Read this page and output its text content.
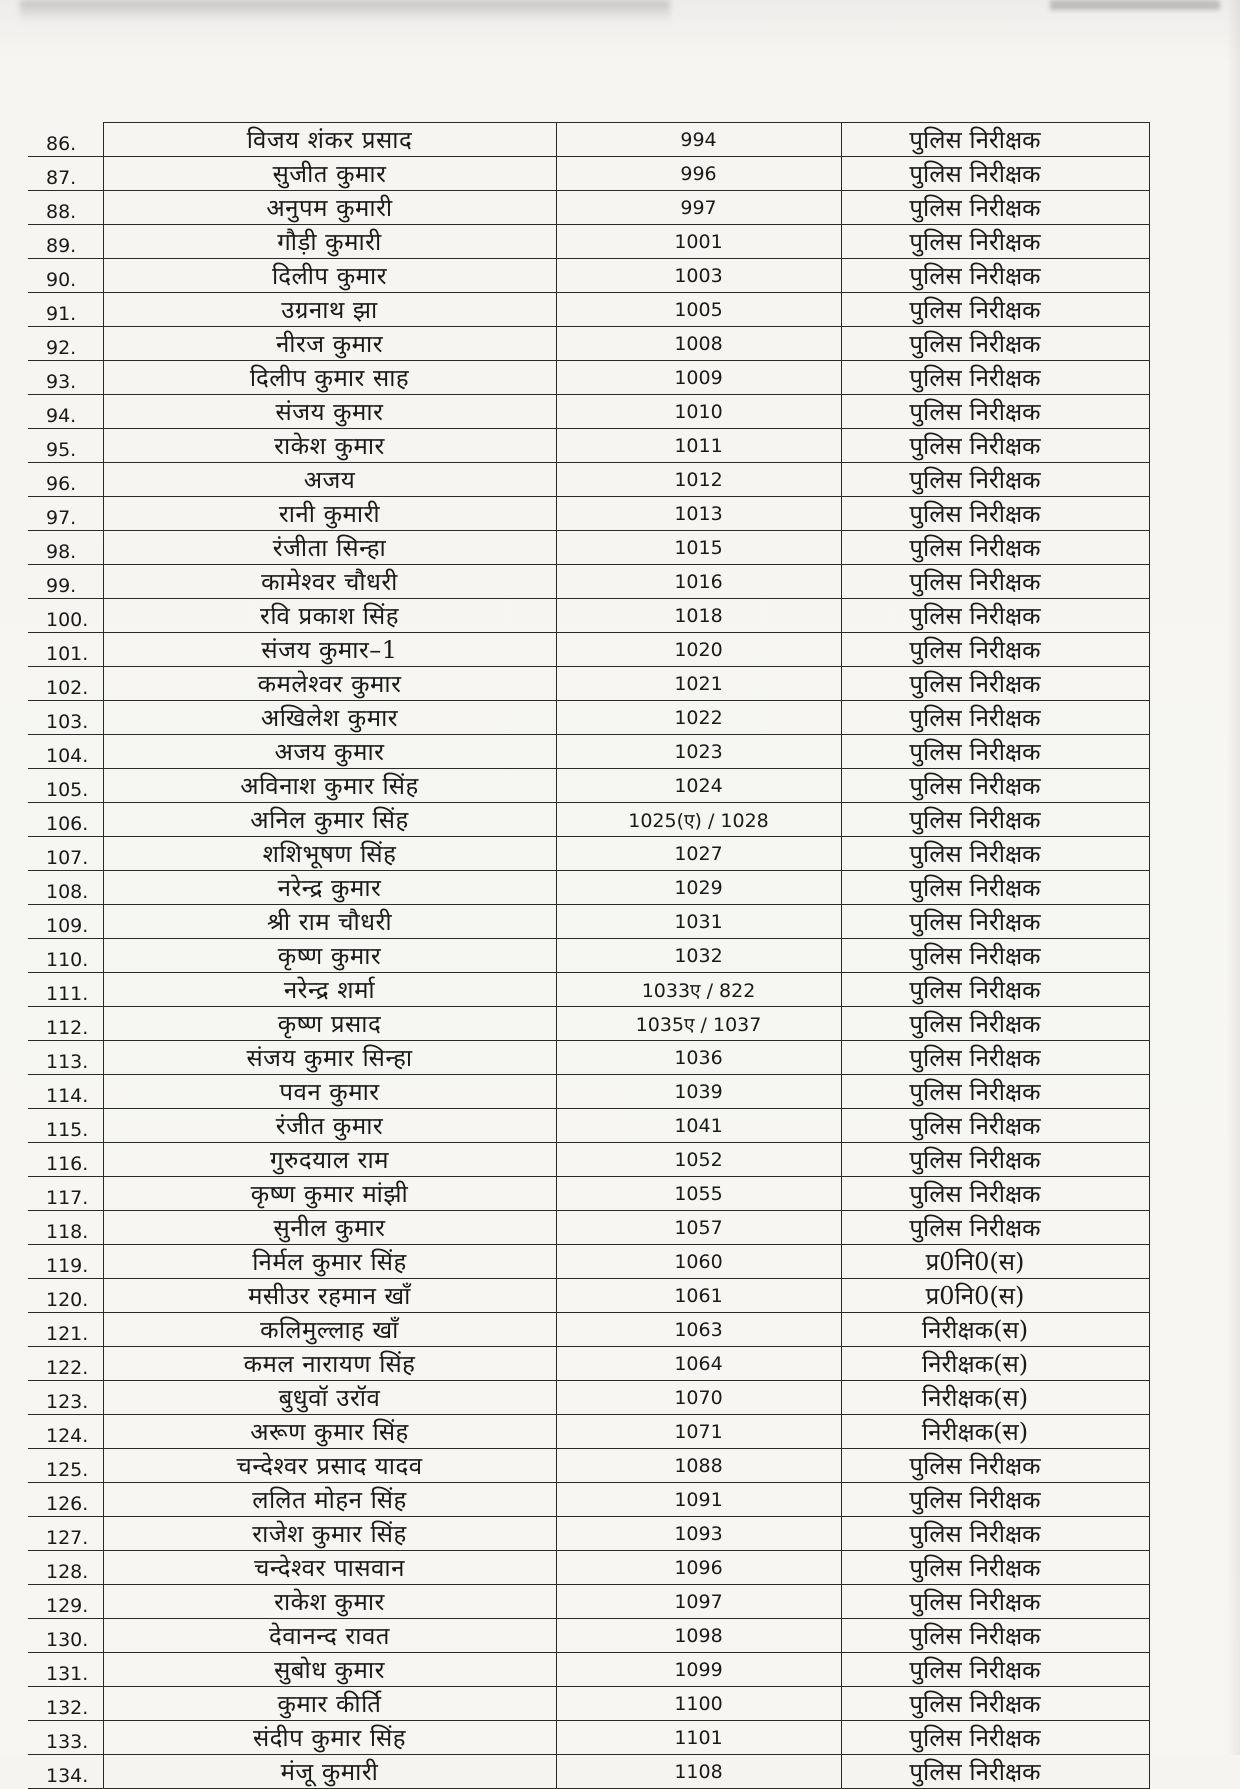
86.	विजय शंकर प्रसाद	994	पुलिस निरीक्षक
87.	सुजीत कुमार	996	पुलिस निरीक्षक
88.	अनुपम कुमारी	997	पुलिस निरीक्षक
89.	गौड़ी कुमारी	1001	पुलिस निरीक्षक
90.	दिलीप कुमार	1003	पुलिस निरीक्षक
91.	उग्रनाथ झा	1005	पुलिस निरीक्षक
92.	नीरज कुमार	1008	पुलिस निरीक्षक
93.	दिलीप कुमार साह	1009	पुलिस निरीक्षक
94.	संजय कुमार	1010	पुलिस निरीक्षक
95.	राकेश कुमार	1011	पुलिस निरीक्षक
96.	अजय	1012	पुलिस निरीक्षक
97.	रानी कुमारी	1013	पुलिस निरीक्षक
98.	रंजीता सिन्हा	1015	पुलिस निरीक्षक
99.	कामेश्वर चौधरी	1016	पुलिस निरीक्षक
100.	रवि प्रकाश सिंह	1018	पुलिस निरीक्षक
101.	संजय कुमार–1	1020	पुलिस निरीक्षक
102.	कमलेश्वर कुमार	1021	पुलिस निरीक्षक
103.	अखिलेश कुमार	1022	पुलिस निरीक्षक
104.	अजय कुमार	1023	पुलिस निरीक्षक
105.	अविनाश कुमार सिंह	1024	पुलिस निरीक्षक
106.	अनिल कुमार सिंह	1025(ए) / 1028	पुलिस निरीक्षक
107.	शशिभूषण सिंह	1027	पुलिस निरीक्षक
108.	नरेन्द्र कुमार	1029	पुलिस निरीक्षक
109.	श्री राम चौधरी	1031	पुलिस निरीक्षक
110.	कृष्ण कुमार	1032	पुलिस निरीक्षक
111.	नरेन्द्र शर्मा	1033ए / 822	पुलिस निरीक्षक
112.	कृष्ण प्रसाद	1035ए / 1037	पुलिस निरीक्षक
113.	संजय कुमार सिन्हा	1036	पुलिस निरीक्षक
114.	पवन कुमार	1039	पुलिस निरीक्षक
115.	रंजीत कुमार	1041	पुलिस निरीक्षक
116.	गुरुदयाल राम	1052	पुलिस निरीक्षक
117.	कृष्ण कुमार मांझी	1055	पुलिस निरीक्षक
118.	सुनील कुमार	1057	पुलिस निरीक्षक
119.	निर्मल कुमार सिंह	1060	प्र0नि0(स)
120.	मसीउर रहमान खाँ	1061	प्र0नि0(स)
121.	कलिमुल्लाह खाँ	1063	निरीक्षक(स)
122.	कमल नारायण सिंह	1064	निरीक्षक(स)
123.	बुधुवॉ उरॉव	1070	निरीक्षक(स)
124.	अरूण कुमार सिंह	1071	निरीक्षक(स)
125.	चन्देश्वर प्रसाद यादव	1088	पुलिस निरीक्षक
126.	ललित मोहन सिंह	1091	पुलिस निरीक्षक
127.	राजेश कुमार सिंह	1093	पुलिस निरीक्षक
128.	चन्देश्वर पासवान	1096	पुलिस निरीक्षक
129.	राकेश कुमार	1097	पुलिस निरीक्षक
130.	देवानन्द रावत	1098	पुलिस निरीक्षक
131.	सुबोध कुमार	1099	पुलिस निरीक्षक
132.	कुमार कीर्ति	1100	पुलिस निरीक्षक
133.	संदीप कुमार सिंह	1101	पुलिस निरीक्षक
134.	मंजू कुमारी	1108	पुलिस निरीक्षक
